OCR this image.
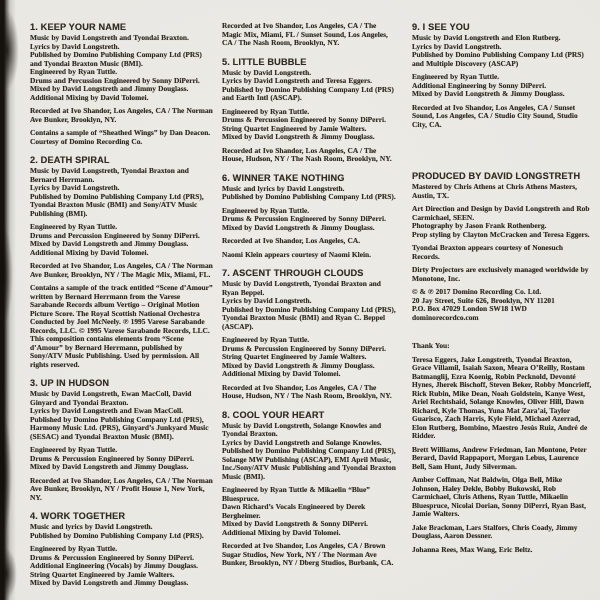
1. KEEP YOUR NAME

Music by David Longstreth and Tyondai Braxton.
Lyrics by David Longstreth.
Published by Domino Publishing Company Ltd (PRS) and Tyondai Braxton Music (BMI).
Engineered by Ryan Tuttle.
Drums and Percussion Engineered by Sonny DiPerri.
Mixed by David Longstreth and Jimmy Douglass.
Additional Mixing by David Tolomei.

Recorded at Ivo Shandor, Los Angeles, CA / The Norman Ave Bunker, Brooklyn, NY.

Contains a sample of “Sheathed Wings” by Dan Deacon. Courtesy of Domino Recording Co.

2. DEATH SPIRAL

Music by David Longstreth, Tyondai Braxton and Bernard Herrmann.
Lyrics by David Longstreth.
Published by Domino Publishing Company Ltd (PRS), Tyondai Braxton Music (BMI) and Sony/ATV Music Publishing (BMI).

Engineered by Ryan Tuttle.
Drums and Percussion Engineered by Sonny DiPerri.
Mixed by David Longstreth and Jimmy Douglass.
Additional Mixing by David Tolomei.

Recorded at Ivo Shandor, Los Angeles, CA / The Norman Ave Bunker, Brooklyn, NY / The Magic Mix, Miami, FL.

Contains a sample of the track entitled “Scene d’Amour” written by Bernard Herrmann from the Varese Sarabande Records album Vertigo – Original Motion Picture Score. The Royal Scottish National Orchestra Conducted by Joel McNeely. ℗ 1995 Varese Sarabande Records, LLC. © 1995 Varese Sarabande Records, LLC. This composition contains elements from “Scene d’Amour” by Bernard Herrmann, published by Sony/ATV Music Publishing. Used by permission. All rights reserved.

3. UP IN HUDSON

Music by David Longstreth, Ewan MacColl, David Ginyard and Tyondai Braxton.
Lyrics by David Longstreth and Ewan MacColl.
Published by Domino Publishing Company Ltd (PRS), Harmony Music Ltd. (PRS), Ginyard’s Junkyard Music (SESAC) and Tyondai Braxton Music (BMI).

Engineered by Ryan Tuttle.
Drums & Percussion Engineered by Sonny DiPerri.
Mixed by David Longstreth and Jimmy Douglass.

Recorded at Ivo Shandor, Los Angeles, CA / The Norman Ave Bunker, Brooklyn, NY / Profit House 1, New York, NY.

4. WORK TOGETHER

Music and lyrics by David Longstreth.
Published by Domino Publishing Company Ltd (PRS).

Engineered by Ryan Tuttle.
Drums & Percussion Engineered by Sonny DiPerri.
Additional Engineering (Vocals) by Jimmy Douglass.
String Quartet Engineered by Jamie Walters.
Mixed by David Longstreth and Jimmy Douglass.

Recorded at Ivo Shandor, Los Angeles, CA / The Magic Mix, Miami, FL / Sunset Sound, Los Angeles, CA / The Nash Room, Brooklyn, NY.

5. LITTLE BUBBLE

Music by David Longstreth.
Lyrics by David Longstreth and Teresa Eggers.
Published by Domino Publishing Company Ltd (PRS) and Earth Intl (ASCAP).

Engineered by Ryan Tuttle.
Drums & Percussion Engineered by Sonny DiPerri.
String Quartet Engineered by Jamie Walters.
Mixed by David Longstreth & Jimmy Douglass.

Recorded at Ivo Shandor, Los Angeles, CA / The House, Hudson, NY / The Nash Room, Brooklyn, NY.

6. WINNER TAKE NOTHING

Music and lyrics by David Longstreth.
Published by Domino Publishing Company Ltd (PRS).

Engineered by Ryan Tuttle.
Drums & Percussion Engineered by Sonny DiPerri.
Mixed by David Longstreth & Jimmy Douglass.

Recorded at Ivo Shandor, Los Angeles, CA.

Naomi Klein appears courtesy of Naomi Klein.

7. ASCENT THROUGH CLOUDS

Music by David Longstreth, Tyondai Braxton and Ryan Beppel.
Lyrics by David Longstreth.
Published by Domino Publishing Company Ltd (PRS), Tyondai Braxton Music (BMI) and Ryan C. Beppel (ASCAP).

Engineered by Ryan Tuttle.
Drums & Percussion Engineered by Sonny DiPerri.
String Quartet Engineered by Jamie Walters.
Mixed by David Longstreth & Jimmy Douglass.
Additional Mixing by David Tolomei.

Recorded at Ivo Shandor, Los Angeles, CA / The House, Hudson, NY / The Nash Room, Brooklyn, NY.

8. COOL YOUR HEART

Music by David Longstreth, Solange Knowles and Tyondai Braxton.
Lyrics by David Longstreth and Solange Knowles.
Published by Domino Publishing Company Ltd (PRS), Solange MW Publishing (ASCAP), EMI April Music, Inc./Sony/ATV Music Publishing and Tyondai Braxton Music (BMI).

Engineered by Ryan Tuttle & Mikaelin “Blue” Bluespruce.
Dawn Richard’s Vocals Engineered by Derek Bergheimer.
Mixed by David Longstreth & Sonny DiPerri.
Additional Mixing by David Tolomei.

Recorded at Ivo Shandor, Los Angeles, CA / Brown Sugar Studios, New York, NY / The Norman Ave Bunker, Brooklyn, NY / Dberg Studios, Burbank, CA.

9. I SEE YOU

Music by David Longstreth and Elon Rutberg.
Lyrics by David Longstreth.
Published by Domino Publishing Company Ltd (PRS) and Multiple Discovery (ASCAP)

Engineered by Ryan Tuttle.
Additional Engineering by Sonny DiPerri.
Mixed by David Longstreth & Jimmy Douglass.

Recorded at Ivo Shandor, Los Angeles, CA / Sunset Sound, Los Angeles, CA / Studio City Sound, Studio City, CA.

PRODUCED BY DAVID LONGSTRETH

Mastered by Chris Athens at Chris Athens Masters, Austin, TX.

Art Direction and Design by David Longstreth and Rob Carmichael, SEEN.
Photography by Jason Frank Rothenberg.
Prop styling by Clayton McCracken and Teresa Eggers.

Tyondai Braxton appears courtesy of Nonesuch Records.

Dirty Projectors are exclusively managed worldwide by Monotone, Inc.

© & ℗ 2017 Domino Recording Co. Ltd.
20 Jay Street, Suite 626, Brooklyn, NY 11201
P.O. Box 47029 London SW18 1WD
dominorecordco.com

Thank You:

Teresa Eggers, Jake Longstreth, Tyondai Braxton, Grace Villamil, Isaiah Saxon, Meara O’Reilly, Rostam Batmanglij, Ezra Koenig, Robin Pecknold, Devonté Hynes, Jherek Bischoff, Steven Beker, Robby Moncrieff, Rick Rubin, Mike Dean, Noah Goldstein, Kanye West, Ariel Rechtshaid, Solange Knowles, Oliver Hill, Dawn Richard, Kyle Thomas, Yuna Mat Zara’ai, Taylor Guarisco, Zach Harris, Kyle Field, Michael Azerrad, Elon Rutberg, Bombino, Maestro Jesús Ruiz, André de Ridder.

Brett Williams, Andrew Friedman, Ian Montone, Peter Berard, David Rappaport, Morgan Lebus, Laurence Bell, Sam Hunt, Judy Silverman.

Amber Coffman, Nat Baldwin, Olga Bell, Mike Johnson, Haley Dekle, Bobby Bukowski, Rob Carmichael, Chris Athens, Ryan Tuttle, Mikaelin Bluespruce, Nicolai Dorian, Sonny DiPerri, Ryan Bast, Jamie Walters.

Jake Brackman, Lars Stalfors, Chris Coady, Jimmy Douglass, Aaron Dessner.

Johanna Rees, Max Wang, Eric Beltz.
